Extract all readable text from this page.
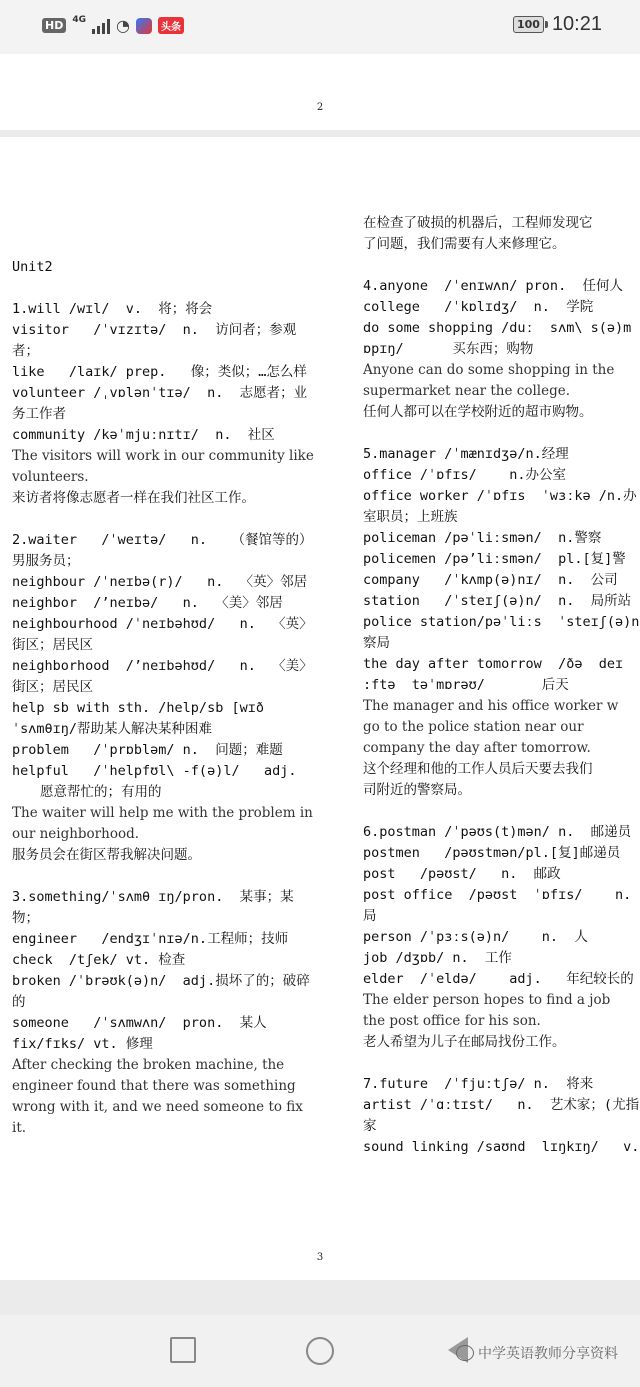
HD	4G ◔	头条	100 10:21
2
Unit2
1.will /wɪl/  v.  将；将会
visitor   /ˈvɪzɪtə/  n.  访问者；参观者；
like   /laɪk/ prep.   像；类似；…怎么样
volunteer /ˌvɒlənˈtɪə/  n.  志愿者；业务工作者
community /kəˈmjuːnɪtɪ/  n.  社区
The visitors will work in our community like volunteers.
来访者将像志愿者一样在我们社区工作。
2.waiter   /ˈweɪtə/   n.   （餐馆等的）男服务员；
neighbour /ˈneɪbə(r)/   n.  〈英〉邻居
neighbor  /’neɪbə/   n.  〈美〉邻居
neighbourhood /ˈneɪbəhʊd/   n.  〈英〉街区；居民区
neighborhood  /’neɪbəhʊd/   n.  〈美〉街区；居民区
help sb with sth. /help/sb [wɪð ˈsʌmθɪŋ/帮助某人解决某种困难
problem   /ˈprɒbləm/ n.  问题；难题
helpful   /ˈhelpfʊl\ -f(ə)l/   adj.
愿意帮忙的；有用的
The waiter will help me with the problem in our neighborhood.
服务员会在街区帮我解决问题。
3.something/ˈsʌmθ ɪŋ/pron.  某事；某物；
engineer   /endʒɪˈnɪə/n.工程师；技师
check  /tʃek/ vt. 检查
broken /ˈbrəʊk(ə)n/  adj.损坏了的；破碎的
someone   /ˈsʌmwʌn/  pron.  某人
fix/fɪks/ vt. 修理
After checking the broken machine, the engineer found that there was something wrong with it, and we need someone to fix it.
在检查了破损的机器后，工程师发现它
了问题，我们需要有人来修理它。
4.anyone  /ˈenɪwʌn/ pron.  任何人
college   /ˈkɒlɪdʒ/  n.  学院
do some shopping /duː  sʌm\ s(ə)m
ɒpɪŋ/      买东西；购物
Anyone can do some shopping in the
supermarket near the college.
任何人都可以在学校附近的超市购物。
5.manager /ˈmænɪdʒə/n.经理
office /ˈɒfɪs/    n.办公室
office worker /ˈɒfɪs  ˈwɜːkə /n.办
室职员；上班族
policeman /pəˈliːsmən/  n.警察
policemen /pə’liːsmən/  pl.[复]警
company   /ˈkʌmp(ə)nɪ/  n.  公司
station   /ˈsteɪʃ(ə)n/  n.  局所站
police station/pəˈliːs  ˈsteɪʃ(ə)n
察局
the day after tomorrow  /ðə  deɪ
:ftə  təˈmɒrəʊ/       后天
The manager and his office worker w
go to the police station near our
company the day after tomorrow.
这个经理和他的工作人员后天要去我们
司附近的警察局。
6.postman /ˈpəʊs(t)mən/ n.  邮递员
postmen   /pəʊstmən/pl.[复]邮递员
post   /pəʊst/   n.  邮政
post office  /pəʊst  ˈɒfɪs/    n.
局
person /ˈpɜːs(ə)n/    n.  人
job /dʒɒb/ n.  工作
elder  /ˈeldə/    adj.   年纪较长的
The elder person hopes to find a job
the post office for his son.
老人希望为儿子在邮局找份工作。
7.future  /ˈfjuːtʃə/ n.  将来
artist /ˈɑːtɪst/   n.  艺术家；(尤指
家
sound linking /saʊnd  lɪŋkɪŋ/   v.
3
中学英语教师分享资料
